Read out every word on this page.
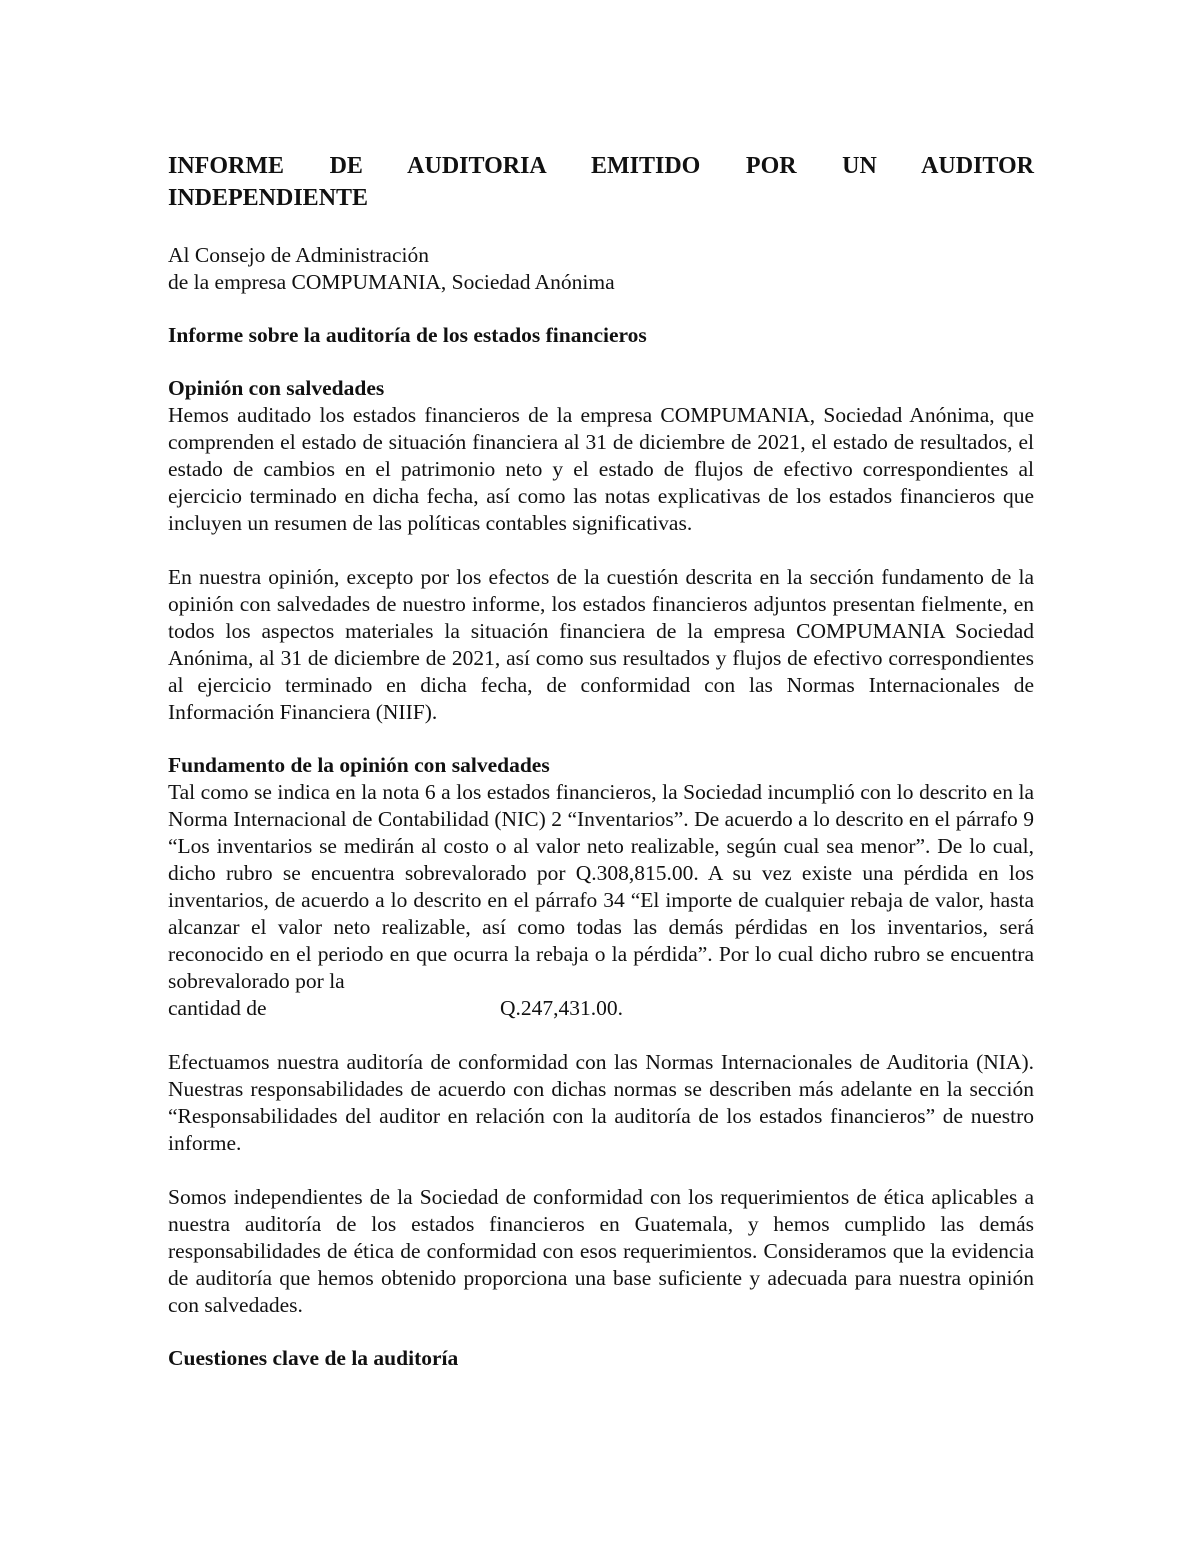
INFORME DE AUDITORIA EMITIDO POR UN AUDITOR INDEPENDIENTE

Al Consejo de Administración
de la empresa COMPUMANIA, Sociedad Anónima
Informe sobre la auditoría de los estados financieros
Opinión con salvedades

Hemos auditado los estados financieros de la empresa COMPUMANIA, Sociedad Anónima, que comprenden el estado de situación financiera al 31 de diciembre de 2021, el estado de resultados, el estado de cambios en el patrimonio neto y el estado de flujos de efectivo correspondientes al ejercicio terminado en dicha fecha, así como las notas explicativas de los estados financieros que incluyen un resumen de las políticas contables significativas.

En nuestra opinión, excepto por los efectos de la cuestión descrita en la sección fundamento de la opinión con salvedades de nuestro informe, los estados financieros adjuntos presentan fielmente, en todos los aspectos materiales la situación financiera de la empresa COMPUMANIA Sociedad Anónima, al 31 de diciembre de 2021, así como sus resultados y flujos de efectivo correspondientes al ejercicio terminado en dicha fecha, de conformidad con las Normas Internacionales de Información Financiera (NIIF).

Fundamento de la opinión con salvedades

Tal como se indica en la nota 6 a los estados financieros, la Sociedad incumplió con lo descrito en la Norma Internacional de Contabilidad (NIC) 2 “Inventarios”. De acuerdo a lo descrito en el párrafo 9 “Los inventarios se medirán al costo o al valor neto realizable, según cual sea menor”. De lo cual, dicho rubro se encuentra sobrevalorado por Q.308,815.00. A su vez existe una pérdida en los inventarios, de acuerdo a lo descrito en el párrafo 34 “El importe de cualquier rebaja de valor, hasta alcanzar el valor neto realizable, así como todas las demás pérdidas en los inventarios, será reconocido en el periodo en que ocurra la rebaja o la pérdida”. Por lo cual dicho rubro se encuentra sobrevalorado por la

cantidad de	Q.247,431.00.

Efectuamos nuestra auditoría de conformidad con las Normas Internacionales de Auditoria (NIA). Nuestras responsabilidades de acuerdo con dichas normas se describen más adelante en la sección “Responsabilidades del auditor en relación con la auditoría de los estados financieros” de nuestro informe.

Somos independientes de la Sociedad de conformidad con los requerimientos de ética aplicables a nuestra auditoría de los estados financieros en Guatemala, y hemos cumplido las demás responsabilidades de ética de conformidad con esos requerimientos. Consideramos que la evidencia de auditoría que hemos obtenido proporciona una base suficiente y adecuada para nuestra opinión con salvedades.

Cuestiones clave de la auditoría
